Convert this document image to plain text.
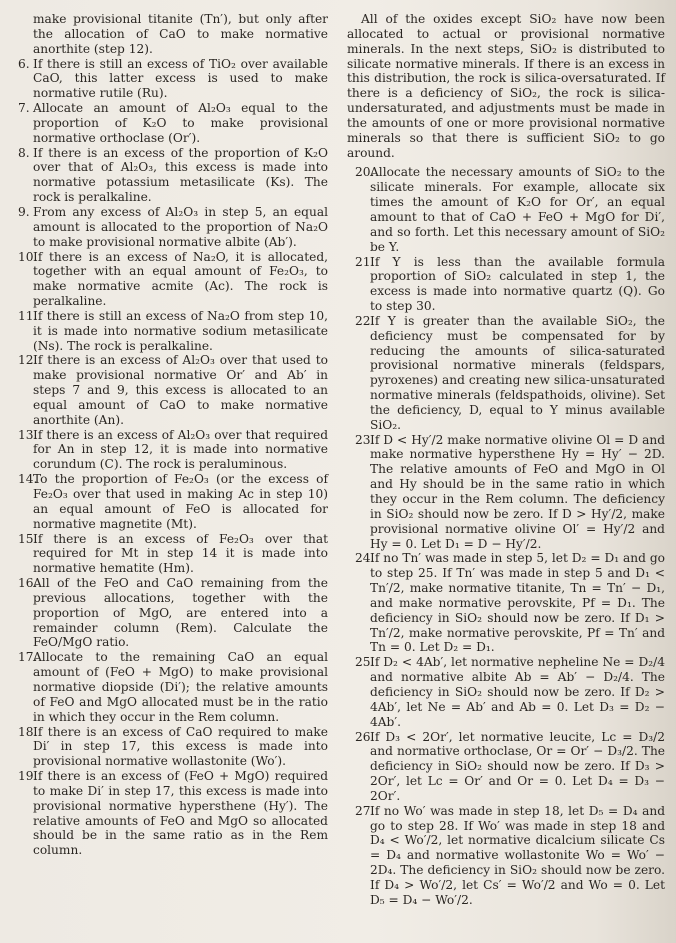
make provisional titanite (Tn′), but only after the allocation of CaO to make normative anorthite (step 12).

6. If there is still an excess of TiO₂ over available CaO, this latter excess is used to make normative rutile (Ru).

7. Allocate an amount of Al₂O₃ equal to the proportion of K₂O to make provisional normative orthoclase (Or′).

8. If there is an excess of the proportion of K₂O over that of Al₂O₃, this excess is made into normative potassium metasilicate (Ks). The rock is peralkaline.

9. From any excess of Al₂O₃ in step 5, an equal amount is allocated to the proportion of Na₂O to make provisional normative albite (Ab′).

10.If there is an excess of Na₂O, it is allocated, together with an equal amount of Fe₂O₃, to make normative acmite (Ac). The rock is peralkaline.

11.If there is still an excess of Na₂O from step 10, it is made into normative sodium metasilicate (Ns). The rock is peralkaline.

12.If there is an excess of Al₂O₃ over that used to make provisional normative Or′ and Ab′ in steps 7 and 9, this excess is allocated to an equal amount of CaO to make normative anorthite (An).

13.If there is an excess of Al₂O₃ over that required for An in step 12, it is made into normative corundum (C). The rock is peraluminous.

14.To the proportion of Fe₂O₃ (or the excess of Fe₂O₃ over that used in making Ac in step 10) an equal amount of FeO is allocated for normative magnetite (Mt).

15.If there is an excess of Fe₂O₃ over that required for Mt in step 14 it is made into normative hematite (Hm).

16.All of the FeO and CaO remaining from the previous allocations, together with the proportion of MgO, are entered into a remainder column (Rem). Calculate the FeO/MgO ratio.

17.Allocate to the remaining CaO an equal amount of (FeO + MgO) to make provisional normative diopside (Di′); the relative amounts of FeO and MgO allocated must be in the ratio in which they occur in the Rem column.

18.If there is an excess of CaO required to make Di′ in step 17, this excess is made into provisional normative wollastonite (Wo′).

19.If there is an excess of (FeO + MgO) required to make Di′ in step 17, this excess is made into provisional normative hypersthene (Hy′). The relative amounts of FeO and MgO so allocated should be in the same ratio as in the Rem column.

All of the oxides except SiO₂ have now been allocated to actual or provisional normative minerals. In the next steps, SiO₂ is distributed to silicate normative minerals. If there is an excess in this distribution, the rock is silica-oversaturated. If there is a deficiency of SiO₂, the rock is silica-undersaturated, and adjustments must be made in the amounts of one or more provisional normative minerals so that there is sufficient SiO₂ to go around.

20.Allocate the necessary amounts of SiO₂ to the silicate minerals. For example, allocate six times the amount of K₂O for Or′, an equal amount to that of CaO + FeO + MgO for Di′, and so forth. Let this necessary amount of SiO₂ be Y.

21.If Y is less than the available formula proportion of SiO₂ calculated in step 1, the excess is made into normative quartz (Q). Go to step 30.

22.If Y is greater than the available SiO₂, the deficiency must be compensated for by reducing the amounts of silica-saturated provisional normative minerals (feldspars, pyroxenes) and creating new silica-unsaturated normative minerals (feldspathoids, olivine). Set the deficiency, D, equal to Y minus available SiO₂.

23.If D < Hy′/2 make normative olivine Ol = D and make normative hypersthene Hy = Hy′ − 2D. The relative amounts of FeO and MgO in Ol and Hy should be in the same ratio in which they occur in the Rem column. The deficiency in SiO₂ should now be zero. If D > Hy′/2, make provisional normative olivine Ol′ = Hy′/2 and Hy = 0. Let D₁ = D − Hy′/2.

24.If no Tn′ was made in step 5, let D₂ = D₁ and go to step 25. If Tn′ was made in step 5 and D₁ < Tn′/2, make normative titanite, Tn = Tn′ − D₁, and make normative perovskite, Pf = D₁. The deficiency in SiO₂ should now be zero. If D₁ > Tn′/2, make normative perovskite, Pf = Tn′ and Tn = 0. Let D₂ = D₁.

25.If D₂ < 4Ab′, let normative nepheline Ne = D₂/4 and normative albite Ab = Ab′ − D₂/4. The deficiency in SiO₂ should now be zero. If D₂ > 4Ab′, let Ne = Ab′ and Ab = 0. Let D₃ = D₂ − 4Ab′.

26.If D₃ < 2Or′, let normative leucite, Lc = D₃/2 and normative orthoclase, Or = Or′ − D₃/2. The deficiency in SiO₂ should now be zero. If D₃ > 2Or′, let Lc = Or′ and Or = 0. Let D₄ = D₃ − 2Or′.

27.If no Wo′ was made in step 18, let D₅ = D₄ and go to step 28. If Wo′ was made in step 18 and D₄ < Wo′/2, let normative dicalcium silicate Cs = D₄ and normative wollastonite Wo = Wo′ − 2D₄. The deficiency in SiO₂ should now be zero. If D₄ > Wo′/2, let Cs′ = Wo′/2 and Wo = 0. Let D₅ = D₄ − Wo′/2.
